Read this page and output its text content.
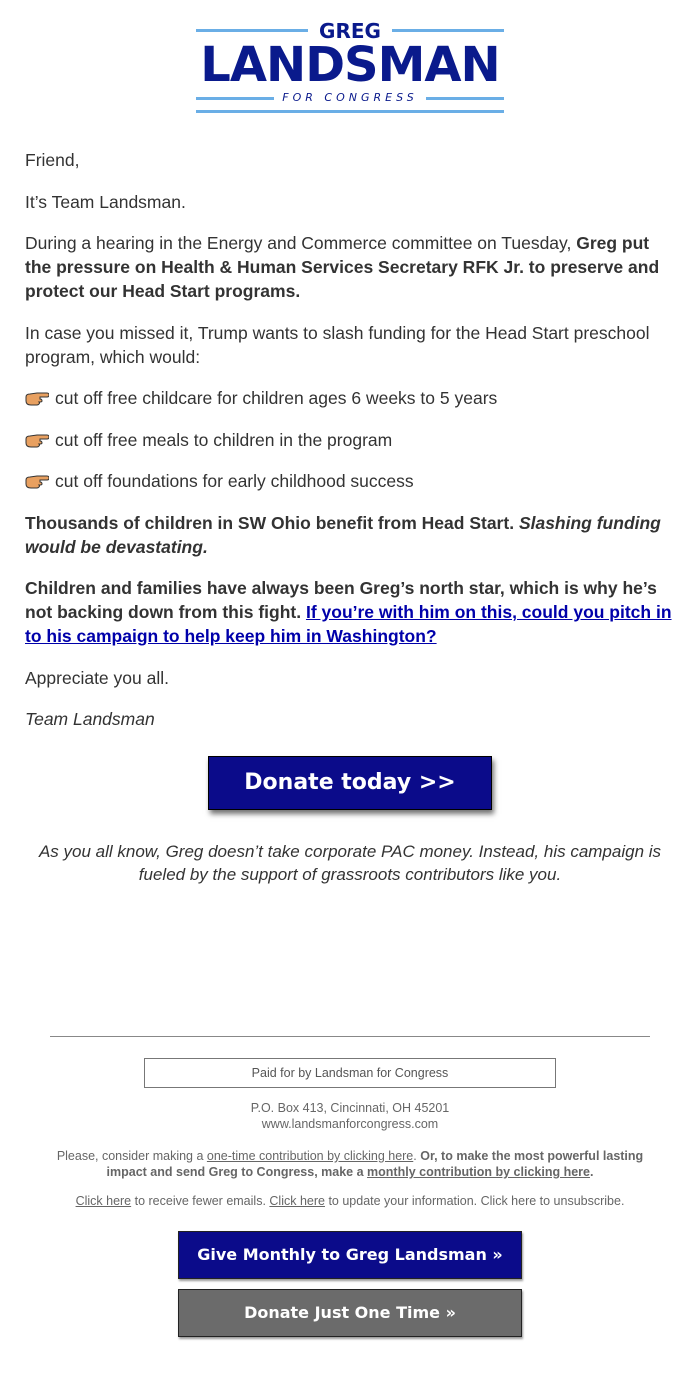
GREG
LANDSMAN
FOR CONGRESS

Friend,

It’s Team Landsman.

During a hearing in the Energy and Commerce committee on Tuesday, Greg put the pressure on Health & Human Services Secretary RFK Jr. to preserve and protect our Head Start programs.

In case you missed it, Trump wants to slash funding for the Head Start preschool program, which would:

cut off free childcare for children ages 6 weeks to 5 years
cut off free meals to children in the program
cut off foundations for early childhood success

Thousands of children in SW Ohio benefit from Head Start. Slashing funding would be devastating.

Children and families have always been Greg’s north star, which is why he’s not backing down from this fight. If you’re with him on this, could you pitch in to his campaign to help keep him in Washington?

Appreciate you all.

Team Landsman

Donate today >>
As you all know, Greg doesn’t take corporate PAC money. Instead, his campaign is fueled by the support of grassroots contributors like you.
Paid for by Landsman for Congress
P.O. Box 413, Cincinnati, OH 45201
www.landsmanforcongress.com
Please, consider making a one-time contribution by clicking here. Or, to make the most powerful lasting impact and send Greg to Congress, make a monthly contribution by clicking here.
Click here to receive fewer emails. Click here to update your information. Click here to unsubscribe.
Give Monthly to Greg Landsman »
Donate Just One Time »
